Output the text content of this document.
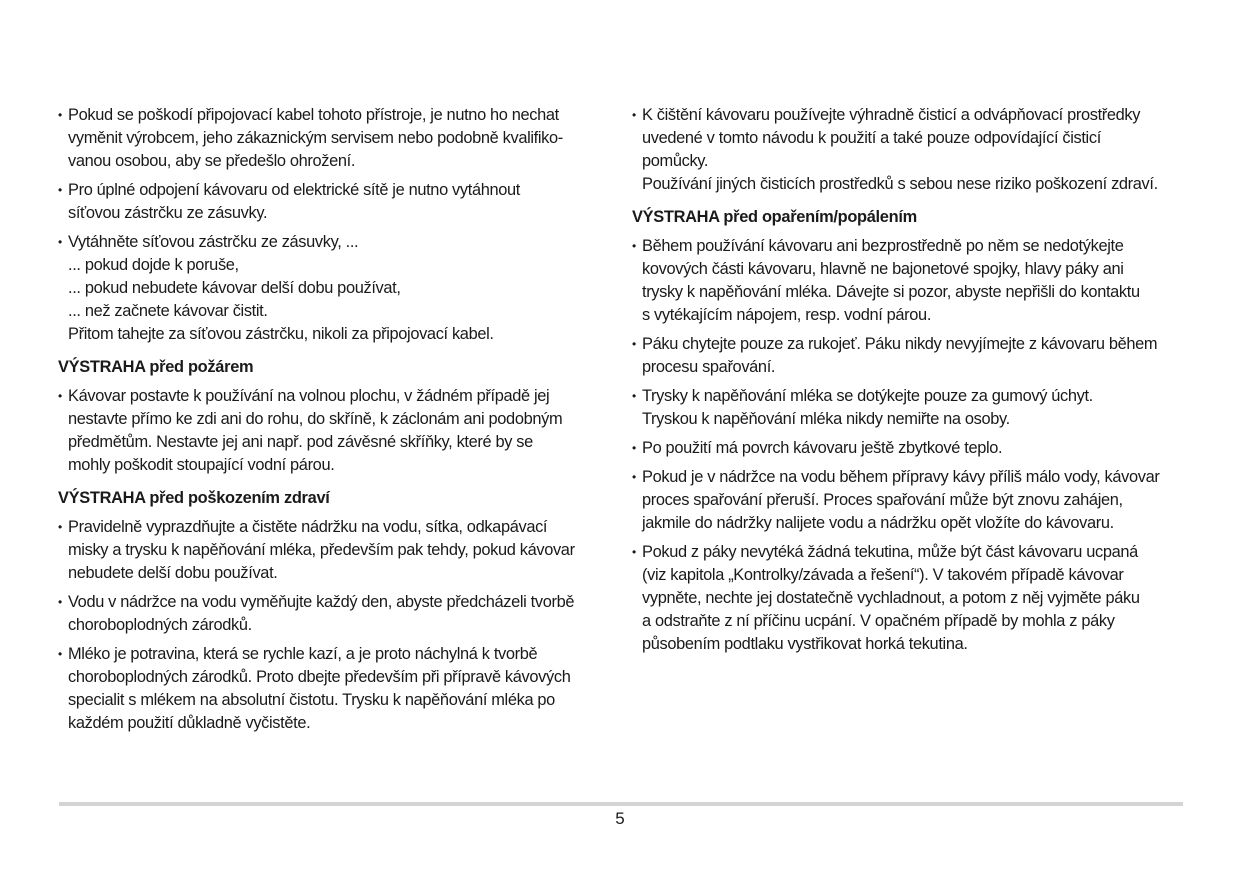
• Pokud se poškodí připojovací kabel tohoto přístroje, je nutno ho nechat
vyměnit výrobcem, jeho zákaznickým servisem nebo podobně kvalifiko-
vanou osobou, aby se předešlo ohrožení.
• Pro úplné odpojení kávovaru od elektrické sítě je nutno vytáhnout
síťovou zástrčku ze zásuvky.
• Vytáhněte síťovou zástrčku ze zásuvky, ...
... pokud dojde k poruše,
... pokud nebudete kávovar delší dobu používat,
... než začnete kávovar čistit.
Přitom tahejte za síťovou zástrčku, nikoli za připojovací kabel.
VÝSTRAHA před požárem
• Kávovar postavte k používání na volnou plochu, v žádném případě jej
nestavte přímo ke zdi ani do rohu, do skříně, k záclonám ani podobným
předmětům. Nestavte jej ani např. pod závěsné skříňky, které by se
mohly poškodit stoupající vodní párou.
VÝSTRAHA před poškozením zdraví
• Pravidelně vyprazdňujte a čistěte nádržku na vodu, sítka, odkapávací
misky a trysku k napěňování mléka, především pak tehdy, pokud kávovar
nebudete delší dobu používat.
• Vodu v nádržce na vodu vyměňujte každý den, abyste předcházeli tvorbě
choroboplodných zárodků.
• Mléko je potravina, která se rychle kazí, a je proto náchylná k tvorbě
choroboplodných zárodků. Proto dbejte především při přípravě kávových
specialit s mlékem na absolutní čistotu. Trysku k napěňování mléka po
každém použití důkladně vyčistěte.
• K čištění kávovaru používejte výhradně čisticí a odvápňovací prostředky
uvedené v tomto návodu k použití a také pouze odpovídající čisticí
pomůcky.
Používání jiných čisticích prostředků s sebou nese riziko poškození zdraví.
VÝSTRAHA před opařením/popálením
• Během používání kávovaru ani bezprostředně po něm se nedotýkejte
kovových části kávovaru, hlavně ne bajonetové spojky, hlavy páky ani
trysky k napěňování mléka. Dávejte si pozor, abyste nepřišli do kontaktu
s vytékajícím nápojem, resp. vodní párou.
• Páku chytejte pouze za rukojeť. Páku nikdy nevyjímejte z kávovaru během
procesu spařování.
• Trysky k napěňování mléka se dotýkejte pouze za gumový úchyt.
Tryskou k napěňování mléka nikdy nemiřte na osoby.
• Po použití má povrch kávovaru ještě zbytkové teplo.
• Pokud je v nádržce na vodu během přípravy kávy příliš málo vody, kávovar
proces spařování přeruší. Proces spařování může být znovu zahájen,
jakmile do nádržky nalijete vodu a nádržku opět vložíte do kávovaru.
• Pokud z páky nevytéká žádná tekutina, může být část kávovaru ucpaná
(viz kapitola „Kontrolky/závada a řešení“). V takovém případě kávovar
vypněte, nechte jej dostatečně vychladnout, a potom z něj vyjměte páku
a odstraňte z ní příčinu ucpání. V opačném případě by mohla z páky
působením podtlaku vystřikovat horká tekutina.
5
